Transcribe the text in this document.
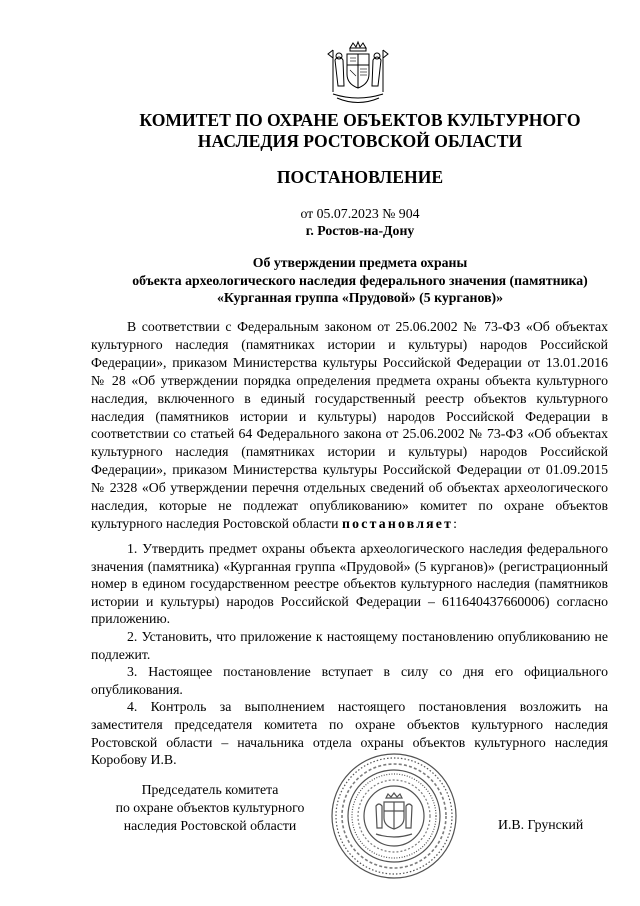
КОМИТЕТ ПО ОХРАНЕ ОБЪЕКТОВ КУЛЬТУРНОГО
НАСЛЕДИЯ РОСТОВСКОЙ ОБЛАСТИ
ПОСТАНОВЛЕНИЕ
от 05.07.2023 № 904
г. Ростов-на-Дону
Об утверждении предмета охраны
объекта археологического наследия федерального значения (памятника)
«Курганная группа «Прудовой» (5 курганов)»

В соответствии с Федеральным законом от 25.06.2002 № 73-ФЗ «Об объектах культурного наследия (памятниках истории и культуры) народов Российской Федерации», приказом Министерства культуры Российской Федерации от 13.01.2016 № 28 «Об утверждении порядка определения предмета охраны объекта культурного наследия, включенного в единый государственный реестр объектов культурного наследия (памятников истории и культуры) народов Российской Федерации в соответствии со статьей 64 Федерального закона от 25.06.2002 № 73-ФЗ «Об объектах культурного наследия (памятниках истории и культуры) народов Российской Федерации», приказом Министерства культуры Российской Федерации от 01.09.2015 № 2328 «Об утверждении перечня отдельных сведений об объектах археологического наследия, которые не подлежат опубликованию» комитет по охране объектов культурного наследия Ростовской области постановляет:

1. Утвердить предмет охраны объекта археологического наследия федерального значения (памятника) «Курганная группа «Прудовой» (5 курганов)» (регистрационный номер в едином государственном реестре объектов культурного наследия (памятников истории и культуры) народов Российской Федерации – 611640437660006) согласно приложению.

2. Установить, что приложение к настоящему постановлению опубликованию не подлежит.

3. Настоящее постановление вступает в силу со дня его официального опубликования.

4. Контроль за выполнением настоящего постановления возложить на заместителя председателя комитета по охране объектов культурного наследия Ростовской области – начальника отдела охраны объектов культурного наследия Коробову И.В.

Председатель комитета
по охране объектов культурного
наследия Ростовской области	И.В. Грунский
